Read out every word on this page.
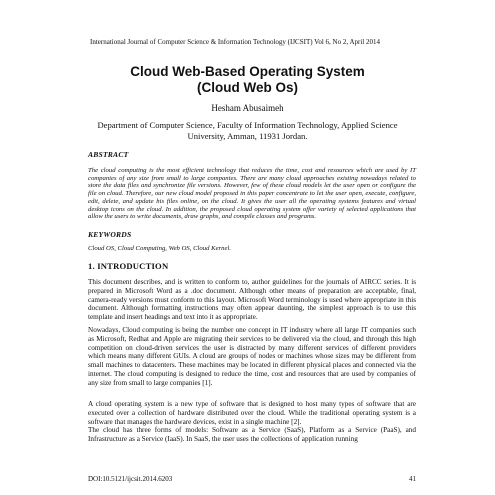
International Journal of Computer Science & Information Technology (IJCSIT) Vol 6, No 2, April 2014
Cloud Web-Based Operating System
(Cloud Web Os)
Hesham Abusaimeh
Department of Computer Science, Faculty of Information Technology, Applied Science
University, Amman, 11931 Jordan.
ABSTRACT
The cloud computing is the most efficient technology that reduces the time, cost and resources which are used by IT companies of any size from small to large companies. There are many cloud approaches existing nowadays related to store the data files and synchronize file versions. However, few of these cloud models let the user open or configure the file on cloud. Therefore, our new cloud model proposed in this paper concentrate to let the user open, execute, configure, edit, delete, and update his files online, on the cloud. It gives the user all the operating systems features and virtual desktop icons on the cloud. In addition, the proposed cloud operating system offer variety of selected applications that allow the users to write documents, draw graphs, and compile classes and programs.
KEYWORDS
Cloud OS, Cloud Computing, Web OS, Cloud Kernel.
1. INTRODUCTION
This document describes, and is written to conform to, author guidelines for the journals of AIRCC series. It is prepared in Microsoft Word as a .doc document. Although other means of preparation are acceptable, final, camera-ready versions must conform to this layout. Microsoft Word terminology is used where appropriate in this document. Although formatting instructions may often appear daunting, the simplest approach is to use this template and insert headings and text into it as appropriate.
Nowadays, Cloud computing is being the number one concept in IT industry where all large IT companies such as Microsoft, Redhat and Apple are migrating their services to be delivered via the cloud, and through this high competition on cloud-driven services the user is distracted by many different services of different providers which means many different GUIs. A cloud are groups of nodes or machines whose sizes may be different from small machines to datacenters. These machines may be located in different physical places and connected via the internet. The cloud computing is designed to reduce the time, cost and resources that are used by companies of any size from small to large companies [1].
A cloud operating system is a new type of software that is designed to host many types of software that are executed over a collection of hardware distributed over the cloud. While the traditional operating system is a software that manages the hardware devices, exist in a single machine [2].
The cloud has three forms of models: Software as a Service (SaaS), Platform as a Service (PaaS), and Infrastructure as a Service (IaaS). In SaaS, the user uses the collections of application running
DOI:10.5121/ijcsit.2014.6203	41
